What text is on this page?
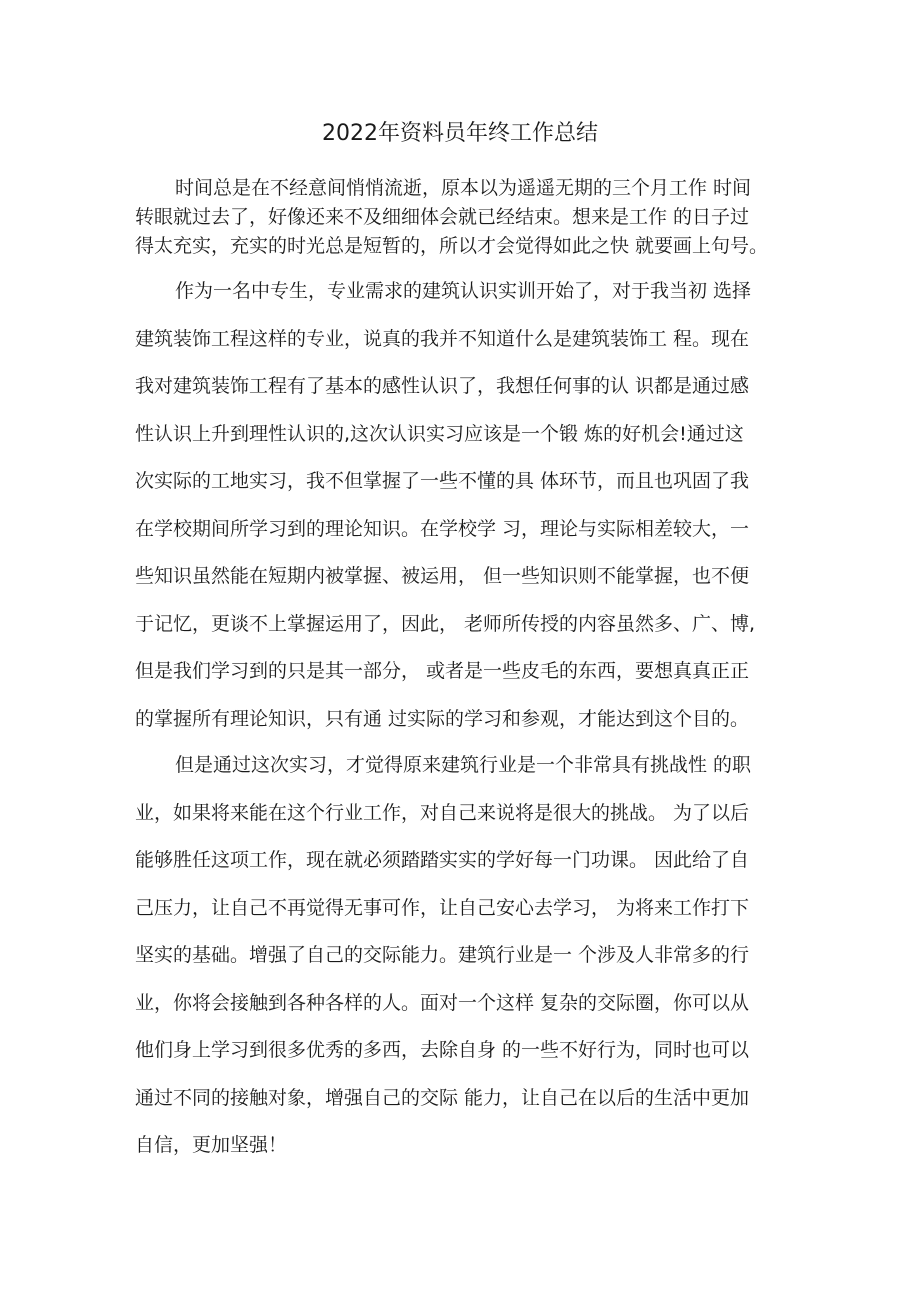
2022年资料员年终工作总结
时间总是在不经意间悄悄流逝，原本以为遥遥无期的三个月工作 时间
转眼就过去了，好像还来不及细细体会就已经结束。想来是工作 的日子过
得太充实，充实的时光总是短暂的，所以才会觉得如此之快 就要画上句号。
作为一名中专生，专业需求的建筑认识实训开始了，对于我当初 选择
建筑装饰工程这样的专业，说真的我并不知道什么是建筑装饰工 程。现在
我对建筑装饰工程有了基本的感性认识了，我想任何事的认 识都是通过感
性认识上升到理性认识的,这次认识实习应该是一个锻 炼的好机会!通过这
次实际的工地实习，我不但掌握了一些不懂的具 体环节，而且也巩固了我
在学校期间所学习到的理论知识。在学校学 习，理论与实际相差较大，一
些知识虽然能在短期内被掌握、被运用， 但一些知识则不能掌握，也不便
于记忆，更谈不上掌握运用了，因此， 老师所传授的内容虽然多、广、博,
但是我们学习到的只是其一部分， 或者是一些皮毛的东西，要想真真正正
的掌握所有理论知识，只有通 过实际的学习和参观，才能达到这个目的。
但是通过这次实习，才觉得原来建筑行业是一个非常具有挑战性 的职
业，如果将来能在这个行业工作，对自己来说将是很大的挑战。 为了以后
能够胜任这项工作，现在就必须踏踏实实的学好每一门功课。 因此给了自
己压力，让自己不再觉得无事可作，让自己安心去学习， 为将来工作打下
坚实的基础。增强了自己的交际能力。建筑行业是一 个涉及人非常多的行
业，你将会接触到各种各样的人。面对一个这样 复杂的交际圈，你可以从
他们身上学习到很多优秀的多西，去除自身 的一些不好行为，同时也可以
通过不同的接触对象，增强自己的交际 能力，让自己在以后的生活中更加
自信，更加坚强！
